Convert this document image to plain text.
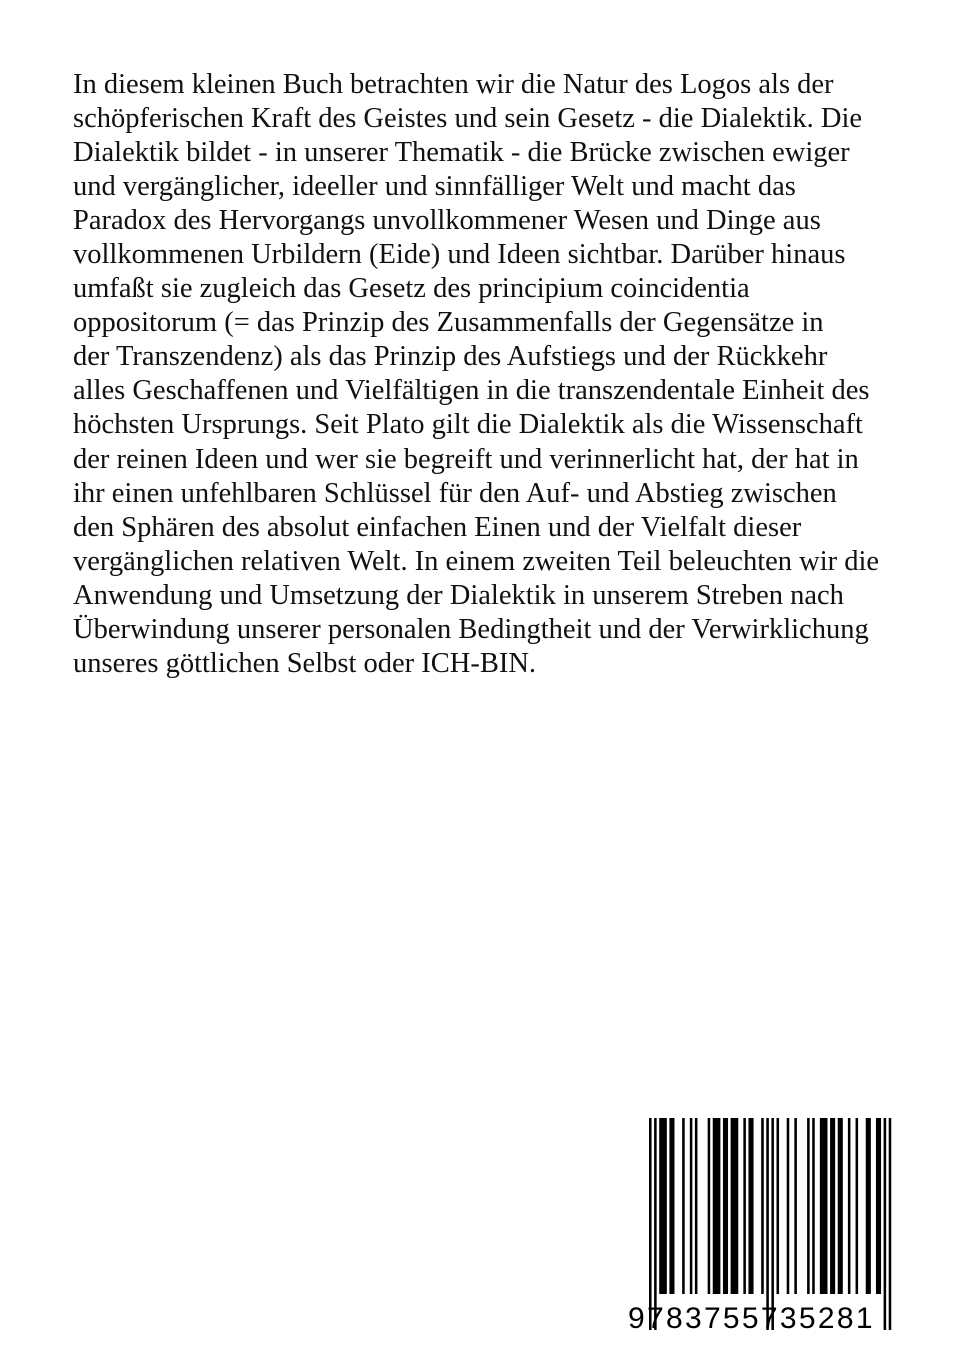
In diesem kleinen Buch betrachten wir die Natur des Logos als der
schöpferischen Kraft des Geistes und sein Gesetz - die Dialektik. Die
Dialektik bildet - in unserer Thematik - die Brücke zwischen ewiger
und vergänglicher, ideeller und sinnfälliger Welt und macht das
Paradox des Hervorgangs unvollkommener Wesen und Dinge aus
vollkommenen Urbildern (Eide) und Ideen sichtbar. Darüber hinaus
umfaßt sie zugleich das Gesetz des principium coincidentia
oppositorum (= das Prinzip des Zusammenfalls der Gegensätze in
der Transzendenz) als das Prinzip des Aufstiegs und der Rückkehr
alles Geschaffenen und Vielfältigen in die transzendentale Einheit des
höchsten Ursprungs. Seit Plato gilt die Dialektik als die Wissenschaft
der reinen Ideen und wer sie begreift und verinnerlicht hat, der hat in
ihr einen unfehlbaren Schlüssel für den Auf- und Abstieg zwischen
den Sphären des absolut einfachen Einen und der Vielfalt dieser
vergänglichen relativen Welt. In einem zweiten Teil beleuchten wir die
Anwendung und Umsetzung der Dialektik in unserem Streben nach
Überwindung unserer personalen Bedingtheit und der Verwirklichung
unseres göttlichen Selbst oder ICH-BIN.
9783755735281
